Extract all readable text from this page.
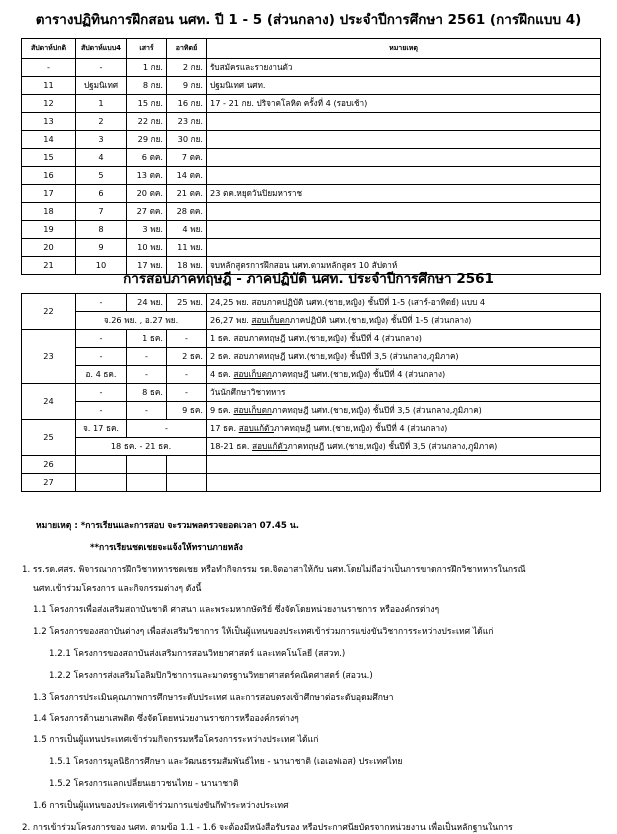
ตารางปฏิทินการฝึกสอน นศท. ปี 1 - 5 (ส่วนกลาง) ประจำปีการศึกษา 2561 (การฝึกแบบ 4)
สัปดาห์ปกติ	สัปดาห์แบบ4	เสาร์	อาทิตย์	หมายเหตุ
-	-	1 กย.	2 กย.	รับสมัครและรายงานตัว
11	ปฐมนิเทศ	8 กย.	9 กย.	ปฐมนิเทศ นศท.
12	1	15 กย.	16 กย.	17 - 21 กย. ปริจาคโลหิต ครั้งที่ 4 (รอบเช้า)
13	2	22 กย.	23 กย.	
14	3	29 กย.	30 กย.	
15	4	6 ตค.	7 ตค.	
16	5	13 ตค.	14 ตค.	
17	6	20 ตค.	21 ตค.	23 ตค.หยุดวันปิยมหาราช
18	7	27 ตค.	28 ตค.	
19	8	3 พย.	4 พย.	
20	9	10 พย.	11 พย.	
21	10	17 พย.	18 พย.	จบหลักสูตรการฝึกสอน นศท.ตามหลักสูตร 10 สัปดาห์
การสอบภาคทฤษฎี - ภาคปฏิบัติ นศท. ประจำปีการศึกษา 2561
22	-	24 พย.	25 พย.	24,25 พย. สอบภาคปฏิบัติ นศท.(ชาย,หญิง) ชั้นปีที่ 1-5 (เสาร์-อาทิตย์) แบบ 4
	จ.26 พย. , อ.27 พย.			26,27 พย. สอบเก็บตกภาคปฏิบัติ นศท.(ชาย,หญิง) ชั้นปีที่ 1-5 (ส่วนกลาง)
23	-	1 ธค.	-	1 ธค. สอบภาคทฤษฎี นศท.(ชาย,หญิง) ชั้นปีที่ 4 (ส่วนกลาง)
	-	-	2 ธค.	2 ธค. สอบภาคทฤษฎี นศท.(ชาย,หญิง) ชั้นปีที่ 3,5 (ส่วนกลาง,ภูมิภาค)
	อ. 4 ธค.	-	-	4 ธค. สอบเก็บตกภาคทฤษฎี นศท.(ชาย,หญิง) ชั้นปีที่ 4 (ส่วนกลาง)
24	-	8 ธค.	-	วันนักศึกษาวิชาทหาร
	-	-	9 ธค.	9 ธค. สอบเก็บตกภาคทฤษฎี นศท.(ชาย,หญิง) ชั้นปีที่ 3,5 (ส่วนกลาง,ภูมิภาค)
25	จ. 17 ธค.	-		17 ธค. สอบแก้ตัวภาคทฤษฎี นศท.(ชาย,หญิง) ชั้นปีที่ 4 (ส่วนกลาง)
	18 ธค. - 21 ธค.			18-21 ธค. สอบแก้ตัวภาคทฤษฎี นศท.(ชาย,หญิง) ชั้นปีที่ 3,5 (ส่วนกลาง,ภูมิภาค)
26				
27				
หมายเหตุ : *การเรียนและการสอบ จะรวมพลตรวจยอดเวลา 07.45 น.
**การเรียนชดเชยจะแจ้งให้ทราบภายหลัง
1. รร.รด.ศสร. พิจารณาการฝึกวิชาทหารชดเชย หรือทำกิจกรรม รด.จิตอาสาให้กับ นศท.โดยไม่ถือว่าเป็นการขาดการฝึกวิชาทหารในกรณี
นศท.เข้าร่วมโครงการ และกิจกรรมต่างๆ ดังนี้
1.1 โครงการเพื่อส่งเสริมสถาบันชาติ ศาสนา และพระมหากษัตริย์ ซึ่งจัดโดยหน่วยงานราชการ หรือองค์กรต่างๆ
1.2 โครงการของสถาบันต่างๆ เพื่อส่งเสริมวิชาการ ให้เป็นผู้แทนของประเทศเข้าร่วมการแข่งขันวิชาการระหว่างประเทศ ได้แก่
1.2.1 โครงการของสถาบันส่งเสริมการสอนวิทยาศาสตร์ และเทคโนโลยี (สสวท.)
1.2.2 โครงการส่งเสริมโอลิมปิกวิชาการและมาตรฐานวิทยาศาสตร์คณิตศาสตร์ (สอวน.)
1.3 โครงการประเมินคุณภาพการศึกษาระดับประเทศ และการสอบตรงเข้าศึกษาต่อระดับอุดมศึกษา
1.4 โครงการต้านยาเสพติด ซึ่งจัดโดยหน่วยงานราชการหรือองค์กรต่างๆ
1.5 การเป็นผู้แทนประเทศเข้าร่วมกิจกรรมหรือโครงการระหว่างประเทศ ได้แก่
1.5.1 โครงการมูลนิธิการศึกษา และวัฒนธรรมสัมพันธ์ไทย - นานาชาติ (เอเอฟเอส) ประเทศไทย
1.5.2 โครงการแลกเปลี่ยนเยาวชนไทย - นานาชาติ
1.6 การเป็นผู้แทนของประเทศเข้าร่วมการแข่งขันกีฬาระหว่างประเทศ
2. การเข้าร่วมโครงการของ นศท. ตามข้อ 1.1 - 1.6 จะต้องมีหนังสือรับรอง หรือประกาศนียบัตรจากหน่วยงาน เพื่อเป็นหลักฐานในการ
